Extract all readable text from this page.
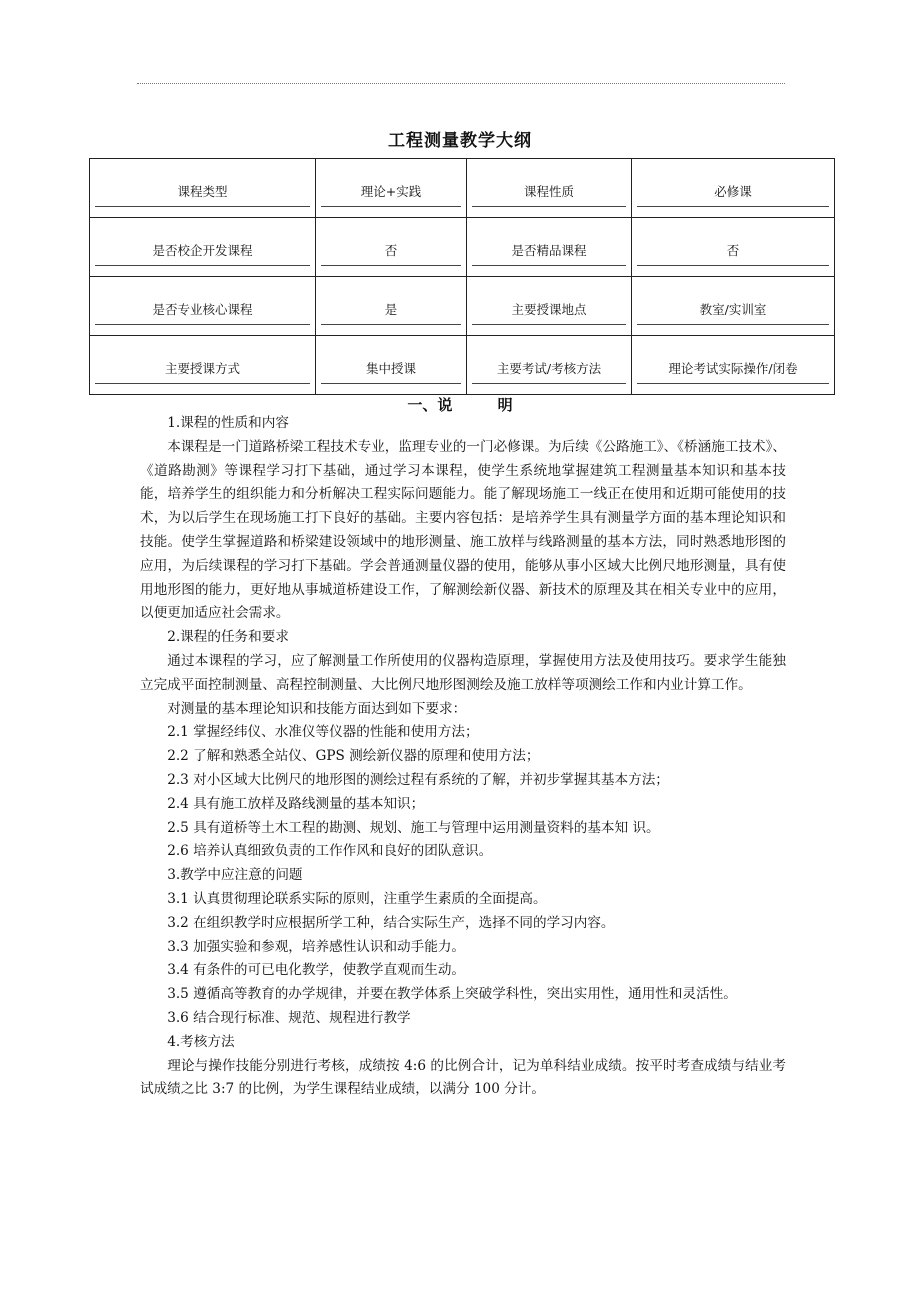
工程测量教学大纲
课程类型	理论+实践	课程性质	必修课

是否校企开发课程	否	是否精品课程	否

是否专业核心课程	是	主要授课地点	教室/实训室

主要授课方式	集中授课	主要考试/考核方法	理论考试实际操作/闭卷
一、说 明

1.课程的性质和内容

本课程是一门道路桥梁工程技术专业，监理专业的一门必修课。为后续《公路施工》、《桥涵施工技术》、《道路勘测》等课程学习打下基础，通过学习本课程，使学生系统地掌握建筑工程测量基本知识和基本技能，培养学生的组织能力和分析解决工程实际问题能力。能了解现场施工一线正在使用和近期可能使用的技术，为以后学生在现场施工打下良好的基础。主要内容包括：是培养学生具有测量学方面的基本理论知识和技能。使学生掌握道路和桥梁建设领域中的地形测量、施工放样与线路测量的基本方法，同时熟悉地形图的应用，为后续课程的学习打下基础。学会普通测量仪器的使用，能够从事小区域大比例尺地形测量，具有使用地形图的能力，更好地从事城道桥建设工作，了解测绘新仪器、新技术的原理及其在相关专业中的应用，以便更加适应社会需求。

2.课程的任务和要求

通过本课程的学习，应了解测量工作所使用的仪器构造原理，掌握使用方法及使用技巧。要求学生能独立完成平面控制测量、高程控制测量、大比例尺地形图测绘及施工放样等项测绘工作和内业计算工作。

对测量的基本理论知识和技能方面达到如下要求：

2.1 掌握经纬仪、水准仪等仪器的性能和使用方法；

2.2 了解和熟悉全站仪、GPS 测绘新仪器的原理和使用方法；

2.3 对小区域大比例尺的地形图的测绘过程有系统的了解，并初步掌握其基本方法；

2.4 具有施工放样及路线测量的基本知识；

2.5 具有道桥等土木工程的勘测、规划、施工与管理中运用测量资料的基本知 识。

2.6 培养认真细致负责的工作作风和良好的团队意识。

3.教学中应注意的问题

3.1 认真贯彻理论联系实际的原则，注重学生素质的全面提高。

3.2 在组织教学时应根据所学工种，结合实际生产，选择不同的学习内容。

3.3 加强实验和参观，培养感性认识和动手能力。

3.4 有条件的可已电化教学，使教学直观而生动。

3.5 遵循高等教育的办学规律，并要在教学体系上突破学科性，突出实用性，通用性和灵活性。

3.6 结合现行标准、规范、规程进行教学

4.考核方法

理论与操作技能分别进行考核，成绩按 4:6 的比例合计，记为单科结业成绩。按平时考查成绩与结业考试成绩之比 3:7 的比例，为学生课程结业成绩，以满分 100 分计。
